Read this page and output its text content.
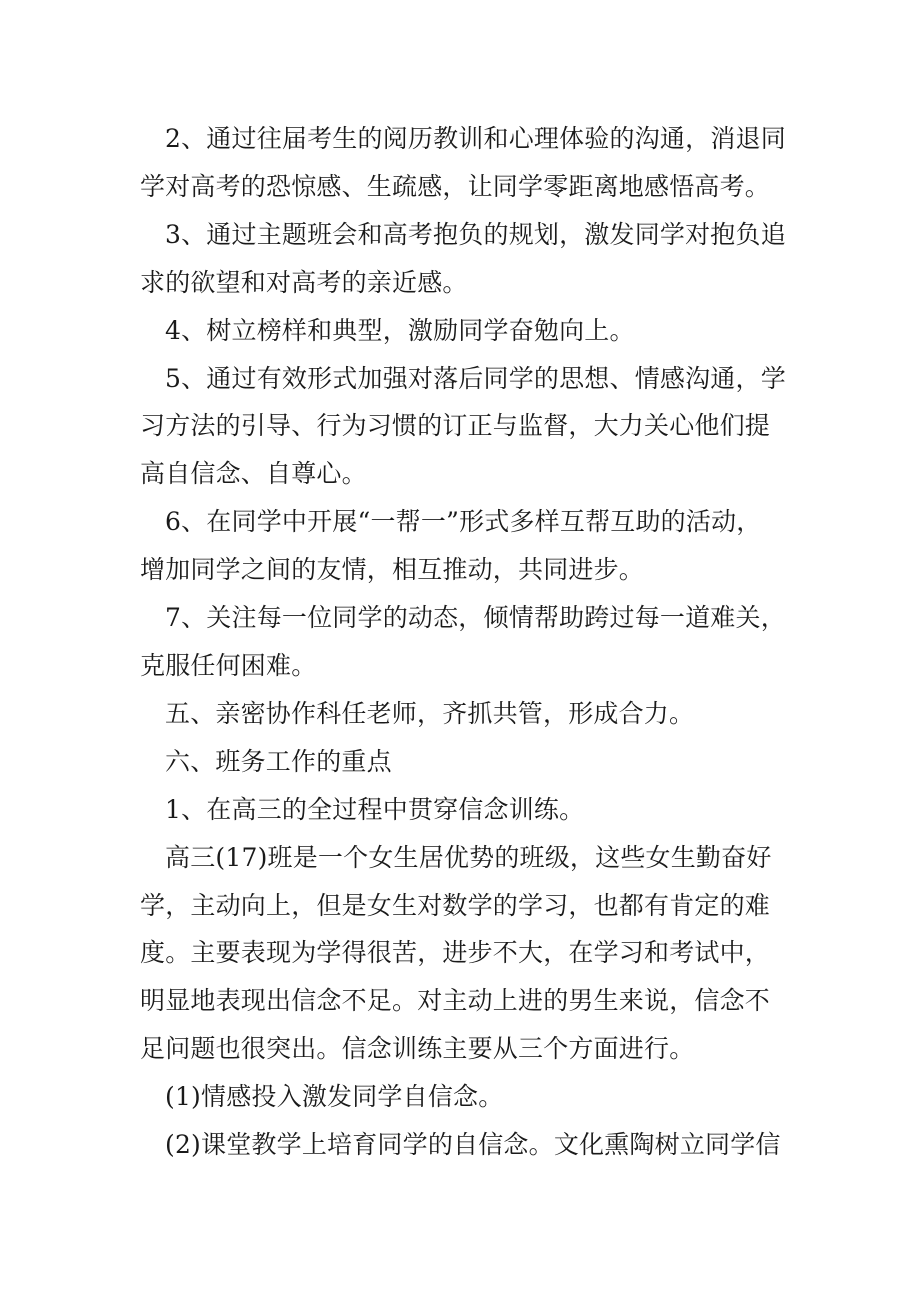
2、通过往届考生的阅历教训和心理体验的沟通，消退同
学对高考的恐惊感、生疏感，让同学零距离地感悟高考。

3、通过主题班会和高考抱负的规划，激发同学对抱负追
求的欲望和对高考的亲近感。

4、树立榜样和典型，激励同学奋勉向上。

5、通过有效形式加强对落后同学的思想、情感沟通，学
习方法的引导、行为习惯的订正与监督，大力关心他们提
高自信念、自尊心。

6、在同学中开展“一帮一”形式多样互帮互助的活动，
增加同学之间的友情，相互推动，共同进步。

7、关注每一位同学的动态，倾情帮助跨过每一道难关，
克服任何困难。

五、亲密协作科任老师，齐抓共管，形成合力。

六、班务工作的重点

1、在高三的全过程中贯穿信念训练。

高三(17)班是一个女生居优势的班级，这些女生勤奋好
学，主动向上，但是女生对数学的学习，也都有肯定的难
度。主要表现为学得很苦，进步不大，在学习和考试中，
明显地表现出信念不足。对主动上进的男生来说，信念不
足问题也很突出。信念训练主要从三个方面进行。

(1)情感投入激发同学自信念。

(2)课堂教学上培育同学的自信念。文化熏陶树立同学信
